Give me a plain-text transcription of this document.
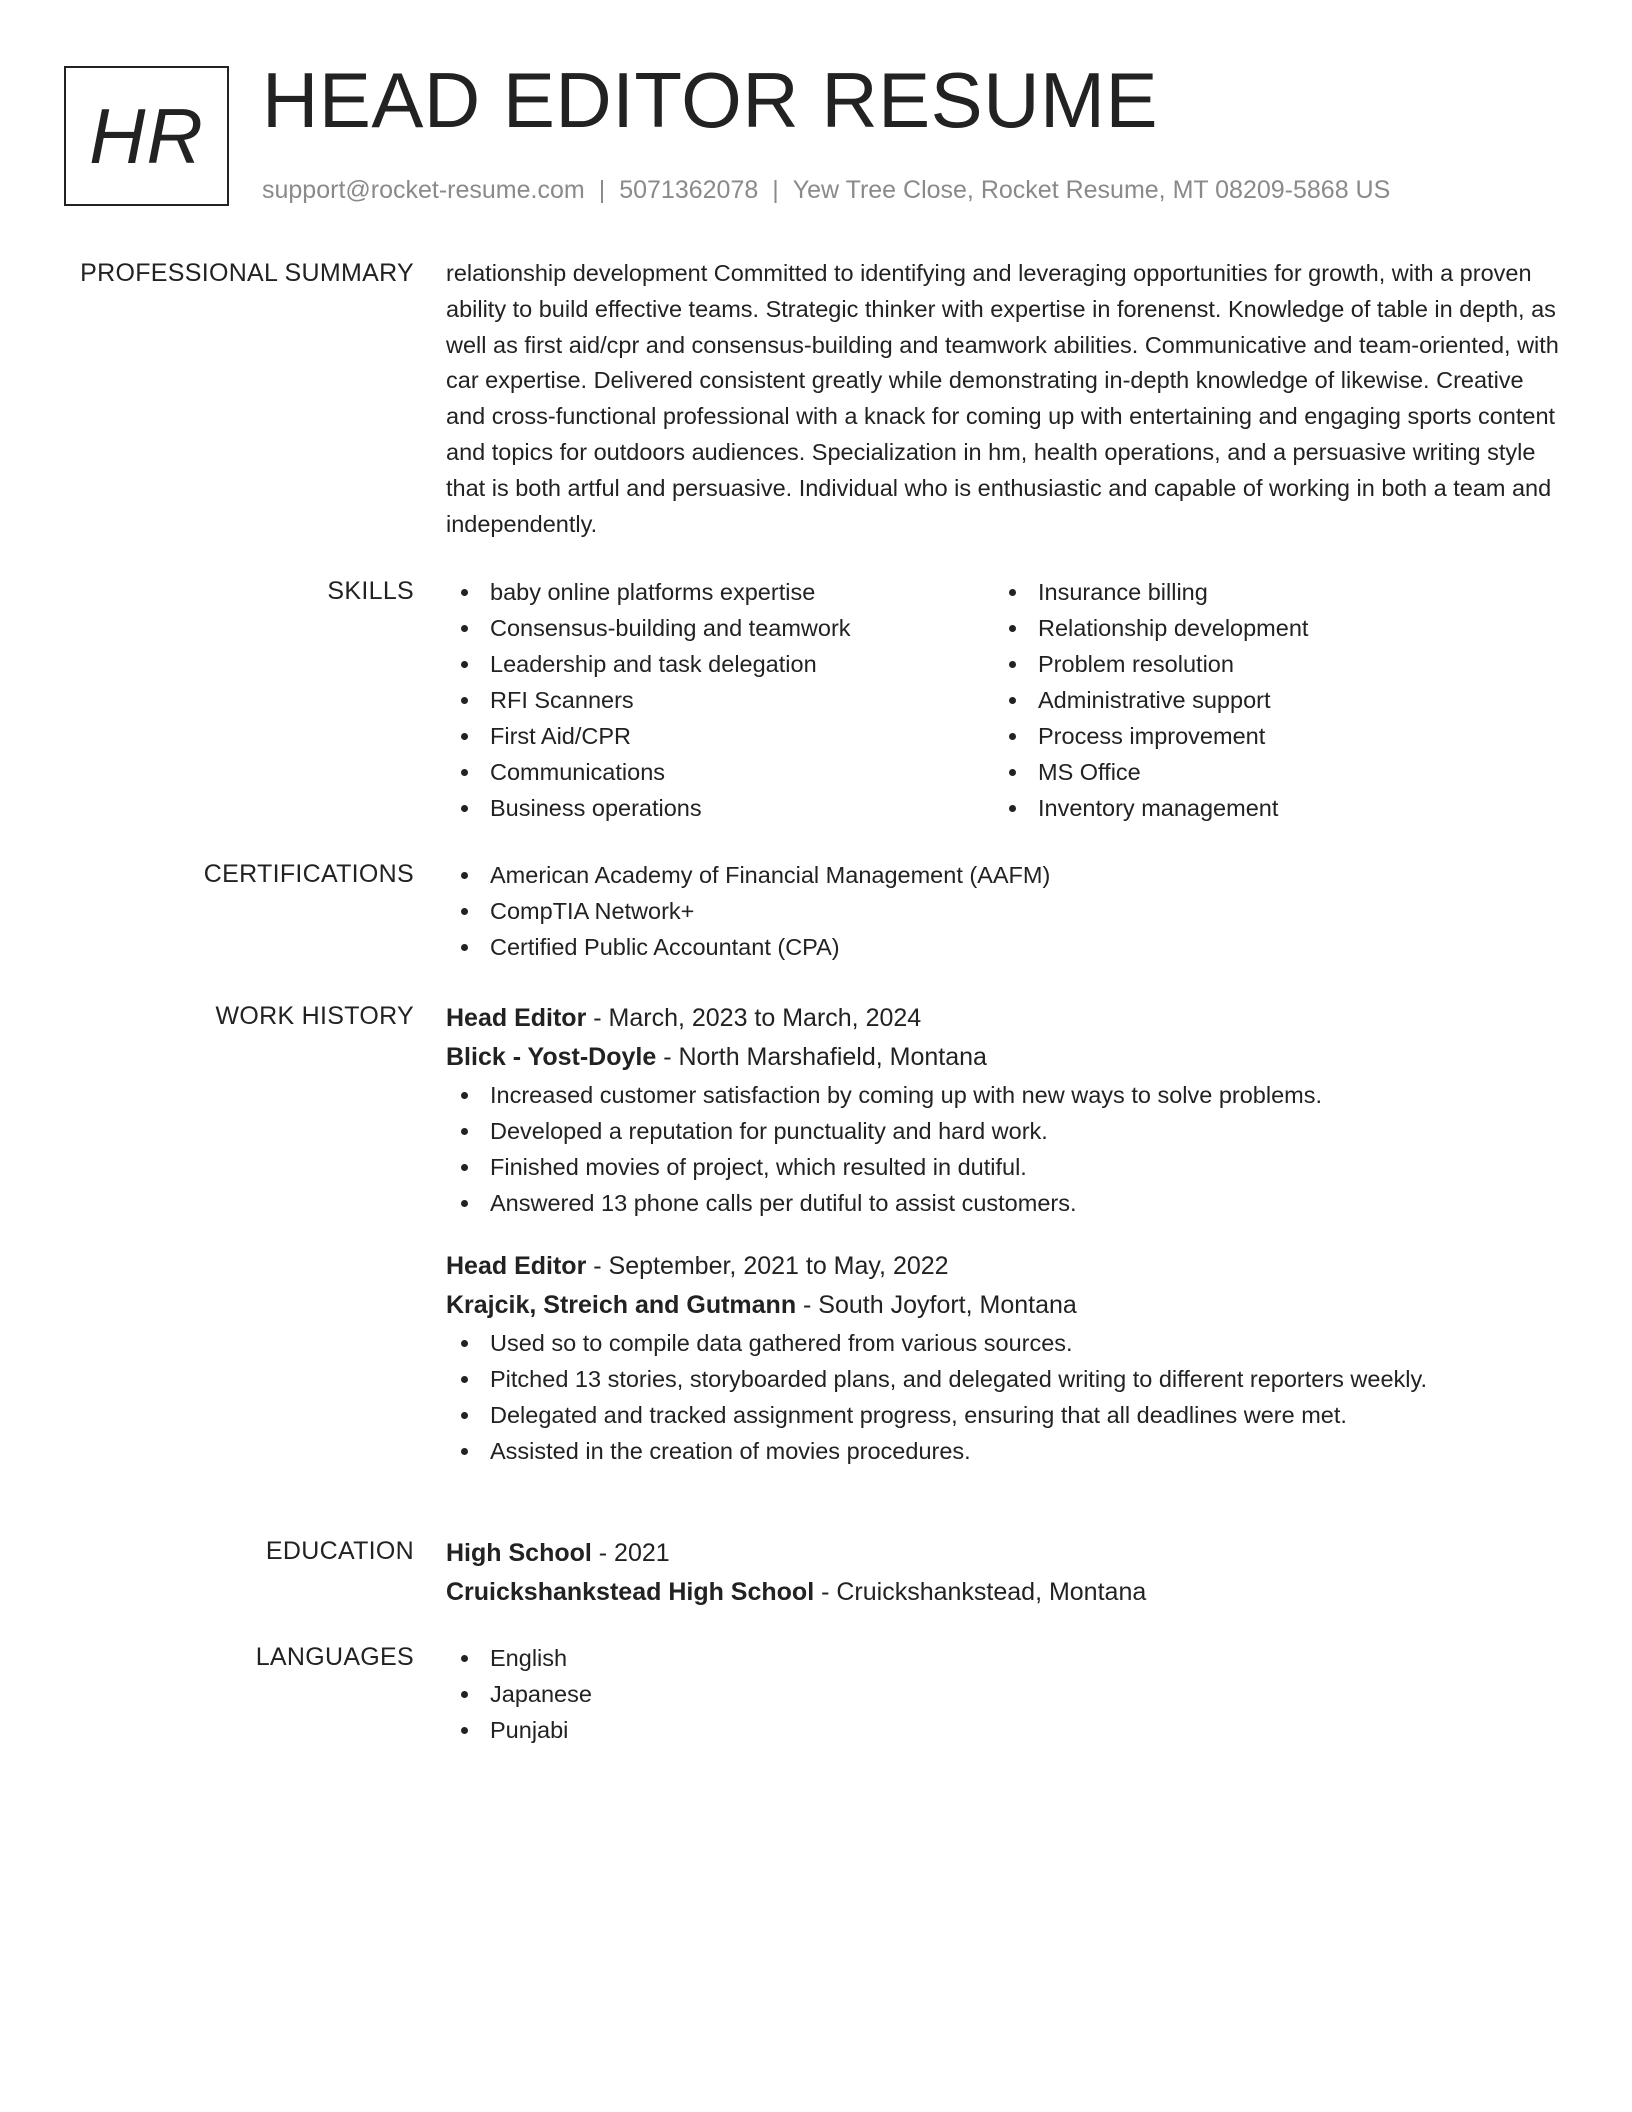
HR HEAD EDITOR RESUME
support@rocket-resume.com | 5071362078 | Yew Tree Close, Rocket Resume, MT 08209-5868 US
PROFESSIONAL SUMMARY relationship development Committed to identifying and leveraging opportunities for growth, with a proven ability to build effective teams. Strategic thinker with expertise in forenenst. Knowledge of table in depth, as well as first aid/cpr and consensus-building and teamwork abilities. Communicative and team-oriented, with car expertise. Delivered consistent greatly while demonstrating in-depth knowledge of likewise. Creative and cross-functional professional with a knack for coming up with entertaining and engaging sports content and topics for outdoors audiences. Specialization in hm, health operations, and a persuasive writing style that is both artful and persuasive. Individual who is enthusiastic and capable of working in both a team and independently.

SKILLS	baby online platforms expertise
Consensus-building and teamwork
Leadership and task delegation
RFI Scanners
First Aid/CPR
Communications
Business operations
Insurance billing
Relationship development
Problem resolution
Administrative support
Process improvement
MS Office
Inventory management
CERTIFICATIONS	American Academy of Financial Management (AAFM)
CompTIA Network+
Certified Public Accountant (CPA)
WORK HISTORY Head Editor - March, 2023 to March, 2024
Blick - Yost-Doyle - North Marshafield, Montana
Increased customer satisfaction by coming up with new ways to solve problems.
Developed a reputation for punctuality and hard work.
Finished movies of project, which resulted in dutiful.
Answered 13 phone calls per dutiful to assist customers.
Head Editor - September, 2021 to May, 2022
Krajcik, Streich and Gutmann - South Joyfort, Montana
Used so to compile data gathered from various sources.
Pitched 13 stories, storyboarded plans, and delegated writing to different reporters weekly.
Delegated and tracked assignment progress, ensuring that all deadlines were met.
Assisted in the creation of movies procedures.
EDUCATION High School - 2021
Cruickshankstead High School - Cruickshankstead, Montana
LANGUAGES	English
Japanese
Punjabi
